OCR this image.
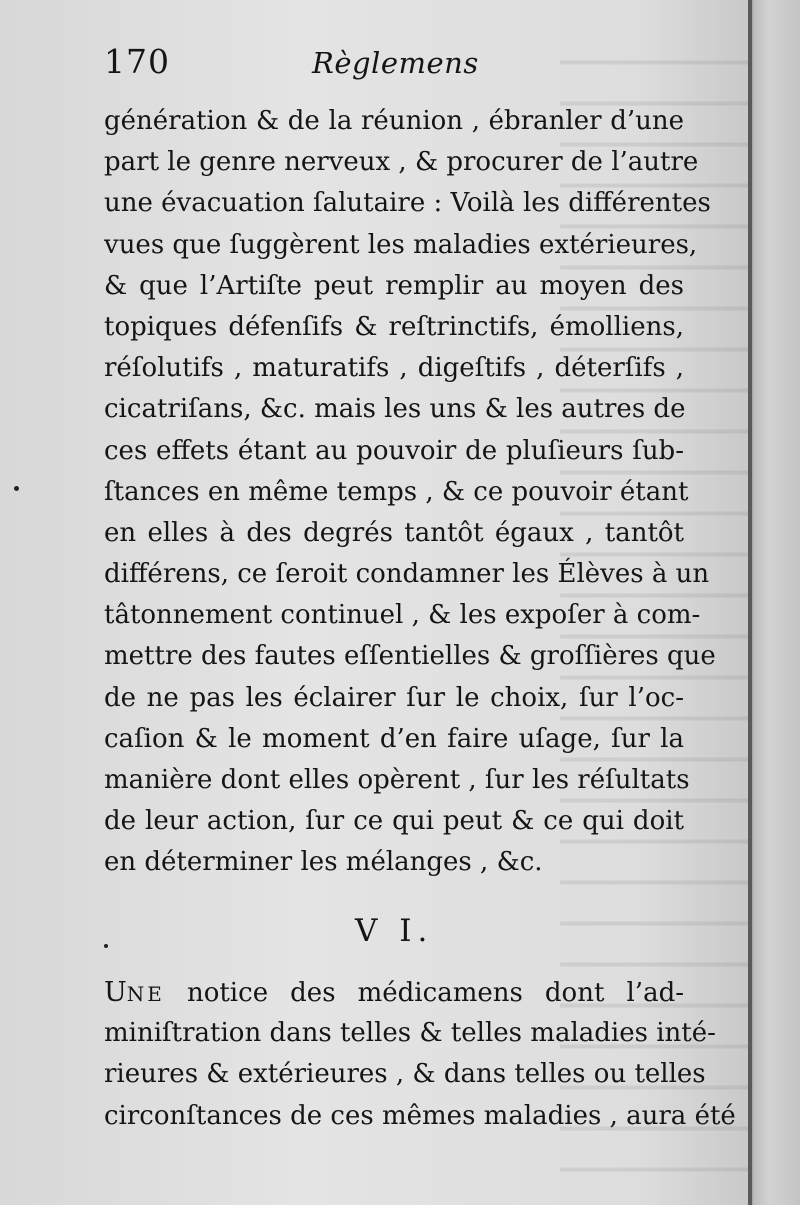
170	Règlemens
génération & de la réunion , ébranler d’une
part le genre nerveux , & procurer de l’autre
une évacuation ſalutaire : Voilà les différentes
vues que ſuggèrent les maladies extérieures,
& que l’Artiſte peut remplir au moyen des
topiques défenſifs & reſtrinctifs, émolliens,
réſolutifs , maturatifs , digeſtifs , déterſifs ,
cicatriſans, &c. mais les uns & les autres de
ces effets étant au pouvoir de pluſieurs ſub-
ſtances en même temps , & ce pouvoir étant
en elles à des degrés tantôt égaux , tantôt
différens, ce ſeroit condamner les Élèves à un
tâtonnement continuel , & les expoſer à com-
mettre des fautes eſſentielles & groſſières que
de ne pas les éclairer ſur le choix, ſur l’oc-
caſion & le moment d’en faire uſage, ſur la
manière dont elles opèrent , ſur les réſultats
de leur action, ſur ce qui peut & ce qui doit
en déterminer les mélanges , &c.
V I.
UNE notice des médicamens dont l’ad-
miniſtration dans telles & telles maladies inté-
rieures & extérieures , & dans telles ou telles
circonſtances de ces mêmes maladies , aura été
